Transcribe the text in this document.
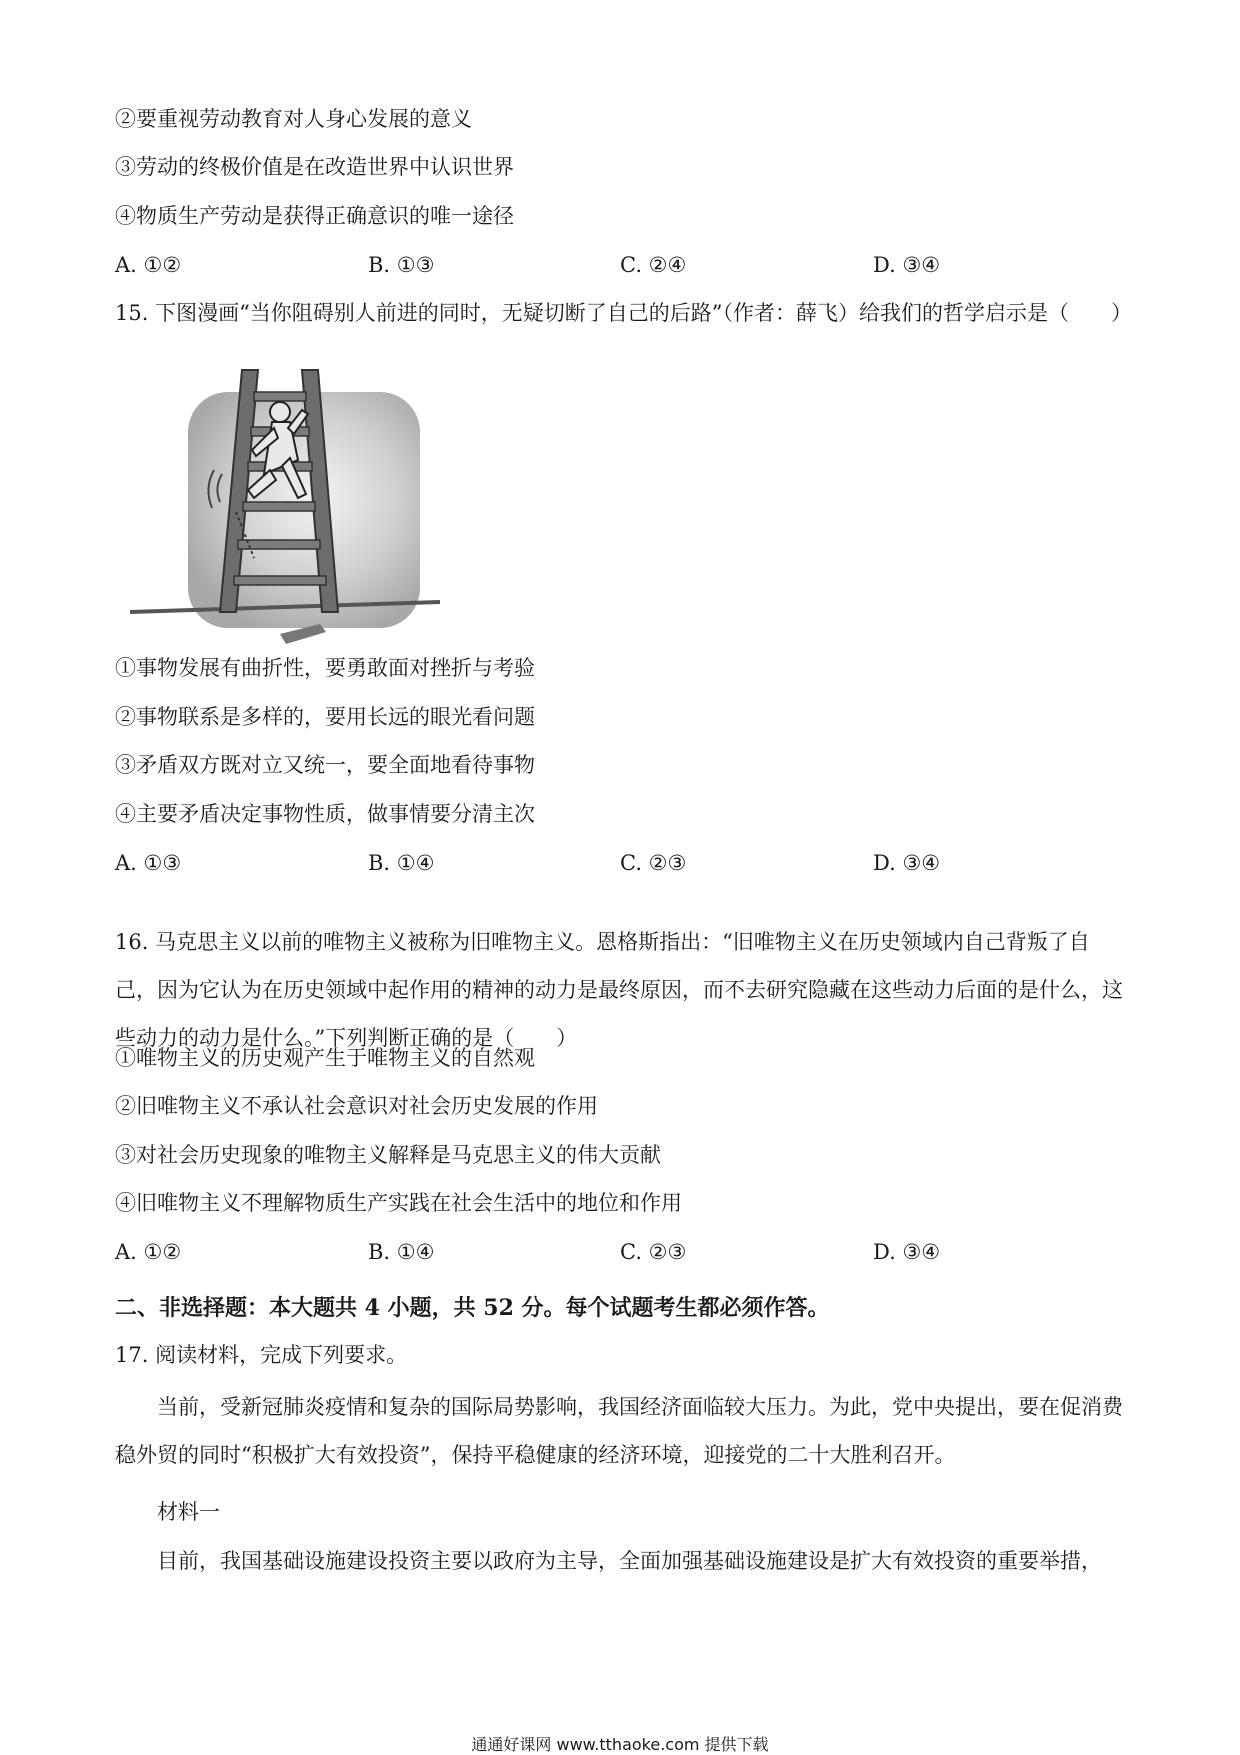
②要重视劳动教育对人身心发展的意义
③劳动的终极价值是在改造世界中认识世界
④物质生产劳动是获得正确意识的唯一途径
A. ①②	B. ①③	C. ②④	D. ③④
15. 下图漫画“当你阻碍别人前进的同时，无疑切断了自己的后路”（作者：薛飞）给我们的哲学启示是（　　）
①事物发展有曲折性，要勇敢面对挫折与考验
②事物联系是多样的，要用长远的眼光看问题
③矛盾双方既对立又统一，要全面地看待事物
④主要矛盾决定事物性质，做事情要分清主次
A. ①③	B. ①④	C. ②③	D. ③④
16. 马克思主义以前的唯物主义被称为旧唯物主义。恩格斯指出：“旧唯物主义在历史领域内自己背叛了自己，因为它认为在历史领域中起作用的精神的动力是最终原因，而不去研究隐藏在这些动力后面的是什么，这些动力的动力是什么。”下列判断正确的是（　　）
①唯物主义的历史观产生于唯物主义的自然观
②旧唯物主义不承认社会意识对社会历史发展的作用
③对社会历史现象的唯物主义解释是马克思主义的伟大贡献
④旧唯物主义不理解物质生产实践在社会生活中的地位和作用
A. ①②	B. ①④	C. ②③	D. ③④
二、非选择题：本大题共 4 小题，共 52 分。每个试题考生都必须作答。
17. 阅读材料，完成下列要求。
当前，受新冠肺炎疫情和复杂的国际局势影响，我国经济面临较大压力。为此，党中央提出，要在促消费稳外贸的同时“积极扩大有效投资”，保持平稳健康的经济环境，迎接党的二十大胜利召开。
材料一
目前，我国基础设施建设投资主要以政府为主导，全面加强基础设施建设是扩大有效投资的重要举措，
通通好课网 www.tthaoke.com 提供下载
